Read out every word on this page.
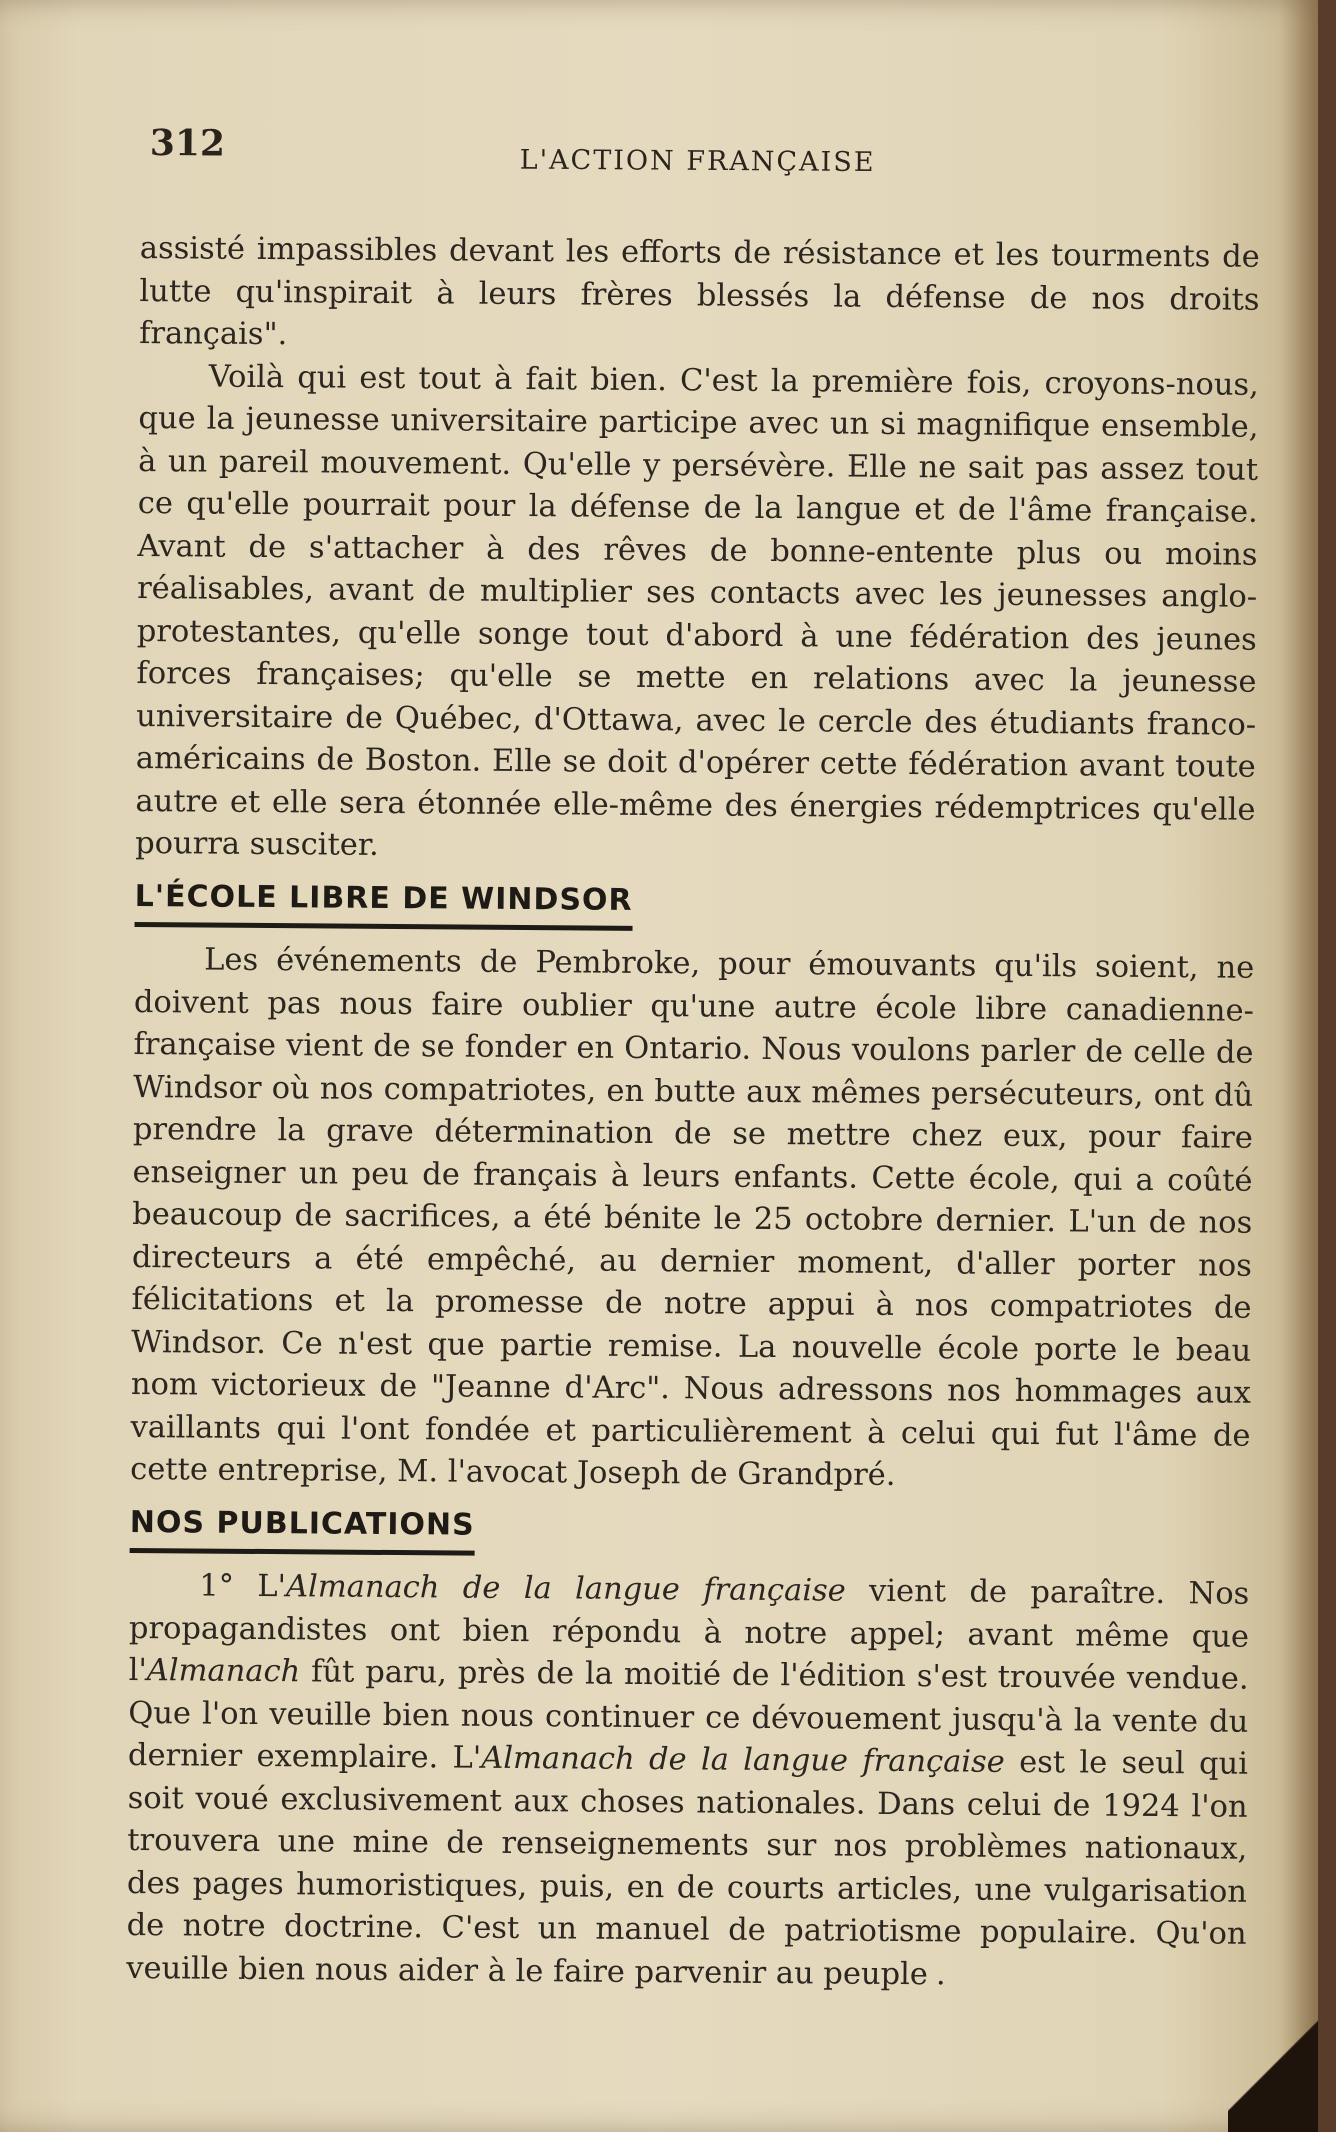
312	L'ACTION FRANÇAISE

assisté impassibles devant les efforts de résistance et les tourments de lutte qu'inspirait à leurs frères blessés la défense de nos droits français".

Voilà qui est tout à fait bien. C'est la première fois, croyons-nous, que la jeunesse universitaire participe avec un si magnifique ensemble, à un pareil mouvement. Qu'elle y persévère. Elle ne sait pas assez tout ce qu'elle pourrait pour la défense de la langue et de l'âme française. Avant de s'attacher à des rêves de bonne-entente plus ou moins réalisables, avant de multiplier ses contacts avec les jeunesses anglo-protestantes, qu'elle songe tout d'abord à une fédération des jeunes forces françaises; qu'elle se mette en relations avec la jeunesse universitaire de Québec, d'Ottawa, avec le cercle des étudiants franco-américains de Boston. Elle se doit d'opérer cette fédération avant toute autre et elle sera étonnée elle-même des énergies rédemptrices qu'elle pourra susciter.

L'ÉCOLE LIBRE DE WINDSOR

Les événements de Pembroke, pour émouvants qu'ils soient, ne doivent pas nous faire oublier qu'une autre école libre canadienne-française vient de se fonder en Ontario. Nous voulons parler de celle de Windsor où nos compatriotes, en butte aux mêmes persécuteurs, ont dû prendre la grave détermination de se mettre chez eux, pour faire enseigner un peu de français à leurs enfants. Cette école, qui a coûté beaucoup de sacrifices, a été bénite le 25 octobre dernier. L'un de nos directeurs a été empêché, au dernier moment, d'aller porter nos félicitations et la promesse de notre appui à nos compatriotes de Windsor. Ce n'est que partie remise. La nouvelle école porte le beau nom victorieux de "Jeanne d'Arc". Nous adressons nos hommages aux vaillants qui l'ont fondée et particulièrement à celui qui fut l'âme de cette entreprise, M. l'avocat Joseph de Grandpré.

NOS PUBLICATIONS

1° L'Almanach de la langue française vient de paraître. Nos propagandistes ont bien répondu à notre appel; avant même que l'Almanach fût paru, près de la moitié de l'édition s'est trouvée vendue. Que l'on veuille bien nous continuer ce dévouement jusqu'à la vente du dernier exemplaire. L'Almanach de la langue française est le seul qui soit voué exclusivement aux choses nationales. Dans celui de 1924 l'on trouvera une mine de renseignements sur nos problèmes nationaux, des pages humoristiques, puis, en de courts articles, une vulgarisation de notre doctrine. C'est un manuel de patriotisme populaire. Qu'on veuille bien nous aider à le faire parvenir au peuple .
